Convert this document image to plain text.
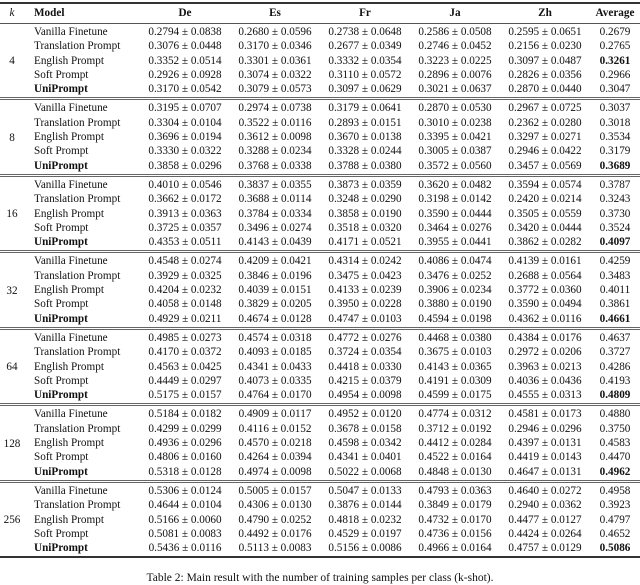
k	Model	De	Es	Fr	Ja	Zh	Average
4	Vanilla Finetune	0.2794 ± 0.0838	0.2680 ± 0.0596	0.2738 ± 0.0648	0.2586 ± 0.0508	0.2595 ± 0.0651	0.2679
	Translation Prompt	0.3076 ± 0.0448	0.3170 ± 0.0346	0.2677 ± 0.0349	0.2746 ± 0.0452	0.2156 ± 0.0230	0.2765
	English Prompt	0.3352 ± 0.0514	0.3301 ± 0.0361	0.3332 ± 0.0354	0.3223 ± 0.0225	0.3097 ± 0.0487	0.3261
	Soft Prompt	0.2926 ± 0.0928	0.3074 ± 0.0322	0.3110 ± 0.0572	0.2896 ± 0.0076	0.2826 ± 0.0356	0.2966
	UniPrompt	0.3170 ± 0.0542	0.3079 ± 0.0573	0.3097 ± 0.0629	0.3021 ± 0.0637	0.2870 ± 0.0440	0.3047
8	Vanilla Finetune	0.3195 ± 0.0707	0.2974 ± 0.0738	0.3179 ± 0.0641	0.2870 ± 0.0530	0.2967 ± 0.0725	0.3037
	Translation Prompt	0.3304 ± 0.0104	0.3522 ± 0.0116	0.2893 ± 0.0151	0.3010 ± 0.0238	0.2362 ± 0.0280	0.3018
	English Prompt	0.3696 ± 0.0194	0.3612 ± 0.0098	0.3670 ± 0.0138	0.3395 ± 0.0421	0.3297 ± 0.0271	0.3534
	Soft Prompt	0.3330 ± 0.0322	0.3288 ± 0.0234	0.3328 ± 0.0244	0.3005 ± 0.0387	0.2946 ± 0.0422	0.3179
	UniPrompt	0.3858 ± 0.0296	0.3768 ± 0.0338	0.3788 ± 0.0380	0.3572 ± 0.0560	0.3457 ± 0.0569	0.3689
16	Vanilla Finetune	0.4010 ± 0.0546	0.3837 ± 0.0355	0.3873 ± 0.0359	0.3620 ± 0.0482	0.3594 ± 0.0574	0.3787
	Translation Prompt	0.3662 ± 0.0172	0.3688 ± 0.0114	0.3248 ± 0.0290	0.3198 ± 0.0142	0.2420 ± 0.0214	0.3243
	English Prompt	0.3913 ± 0.0363	0.3784 ± 0.0334	0.3858 ± 0.0190	0.3590 ± 0.0444	0.3505 ± 0.0559	0.3730
	Soft Prompt	0.3725 ± 0.0357	0.3496 ± 0.0274	0.3518 ± 0.0320	0.3464 ± 0.0276	0.3420 ± 0.0444	0.3524
	UniPrompt	0.4353 ± 0.0511	0.4143 ± 0.0439	0.4171 ± 0.0521	0.3955 ± 0.0441	0.3862 ± 0.0282	0.4097
32	Vanilla Finetune	0.4548 ± 0.0274	0.4209 ± 0.0421	0.4314 ± 0.0242	0.4086 ± 0.0474	0.4139 ± 0.0161	0.4259
	Translation Prompt	0.3929 ± 0.0325	0.3846 ± 0.0196	0.3475 ± 0.0423	0.3476 ± 0.0252	0.2688 ± 0.0564	0.3483
	English Prompt	0.4204 ± 0.0232	0.4039 ± 0.0151	0.4133 ± 0.0239	0.3906 ± 0.0234	0.3772 ± 0.0360	0.4011
	Soft Prompt	0.4058 ± 0.0148	0.3829 ± 0.0205	0.3950 ± 0.0228	0.3880 ± 0.0190	0.3590 ± 0.0494	0.3861
	UniPrompt	0.4929 ± 0.0211	0.4674 ± 0.0128	0.4747 ± 0.0103	0.4594 ± 0.0198	0.4362 ± 0.0116	0.4661
64	Vanilla Finetune	0.4985 ± 0.0273	0.4574 ± 0.0318	0.4772 ± 0.0276	0.4468 ± 0.0380	0.4384 ± 0.0176	0.4637
	Translation Prompt	0.4170 ± 0.0372	0.4093 ± 0.0185	0.3724 ± 0.0354	0.3675 ± 0.0103	0.2972 ± 0.0206	0.3727
	English Prompt	0.4563 ± 0.0425	0.4341 ± 0.0433	0.4418 ± 0.0330	0.4143 ± 0.0365	0.3963 ± 0.0213	0.4286
	Soft Prompt	0.4449 ± 0.0297	0.4073 ± 0.0335	0.4215 ± 0.0379	0.4191 ± 0.0309	0.4036 ± 0.0436	0.4193
	UniPrompt	0.5175 ± 0.0157	0.4764 ± 0.0170	0.4954 ± 0.0098	0.4599 ± 0.0175	0.4555 ± 0.0313	0.4809
128	Vanilla Finetune	0.5184 ± 0.0182	0.4909 ± 0.0117	0.4952 ± 0.0120	0.4774 ± 0.0312	0.4581 ± 0.0173	0.4880
	Translation Prompt	0.4299 ± 0.0299	0.4116 ± 0.0152	0.3678 ± 0.0158	0.3712 ± 0.0192	0.2946 ± 0.0296	0.3750
	English Prompt	0.4936 ± 0.0296	0.4570 ± 0.0218	0.4598 ± 0.0342	0.4412 ± 0.0284	0.4397 ± 0.0131	0.4583
	Soft Prompt	0.4806 ± 0.0160	0.4264 ± 0.0394	0.4341 ± 0.0401	0.4522 ± 0.0164	0.4419 ± 0.0143	0.4470
	UniPrompt	0.5318 ± 0.0128	0.4974 ± 0.0098	0.5022 ± 0.0068	0.4848 ± 0.0130	0.4647 ± 0.0131	0.4962
256	Vanilla Finetune	0.5306 ± 0.0124	0.5005 ± 0.0157	0.5047 ± 0.0133	0.4793 ± 0.0363	0.4640 ± 0.0272	0.4958
	Translation Prompt	0.4644 ± 0.0104	0.4306 ± 0.0130	0.3876 ± 0.0144	0.3849 ± 0.0179	0.2940 ± 0.0362	0.3923
	English Prompt	0.5166 ± 0.0060	0.4790 ± 0.0252	0.4818 ± 0.0232	0.4732 ± 0.0170	0.4477 ± 0.0127	0.4797
	Soft Prompt	0.5081 ± 0.0083	0.4492 ± 0.0176	0.4529 ± 0.0197	0.4736 ± 0.0156	0.4424 ± 0.0264	0.4652
	UniPrompt	0.5436 ± 0.0116	0.5113 ± 0.0083	0.5156 ± 0.0086	0.4966 ± 0.0164	0.4757 ± 0.0129	0.5086
Table 2: Main result with the number of training samples per class (k-shot).
